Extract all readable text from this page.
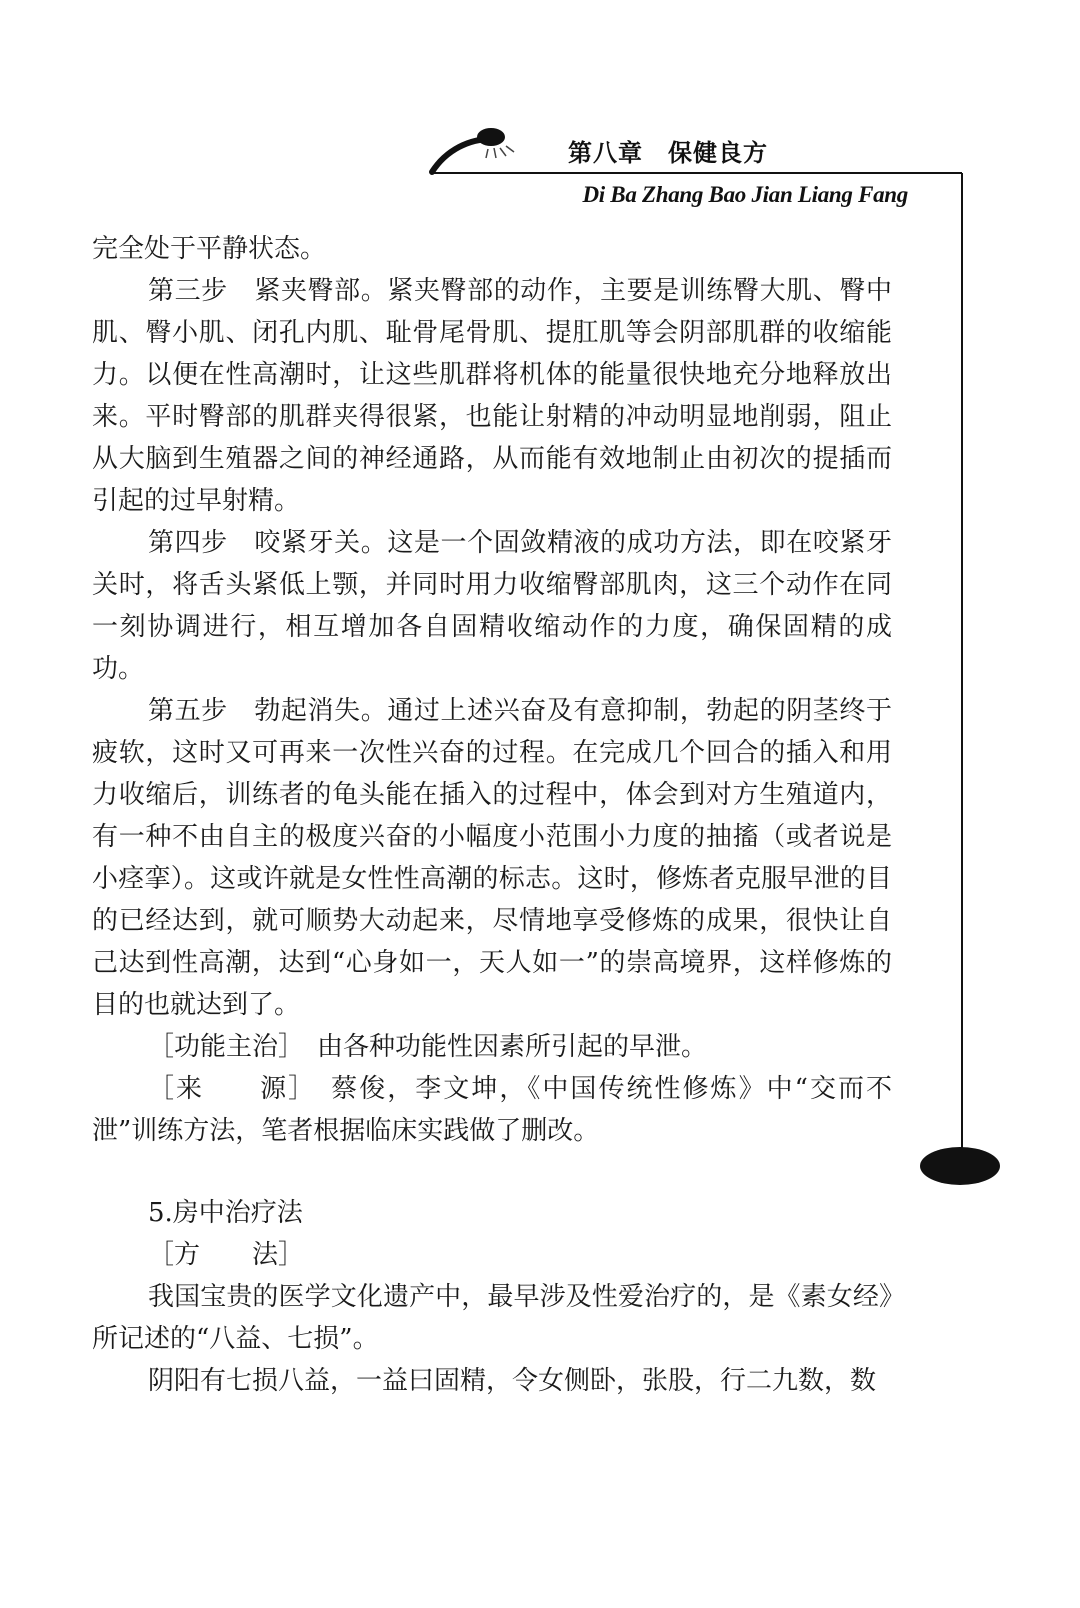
第八章　保健良方
Di Ba Zhang Bao Jian Liang Fang

完全处于平静状态。

第三步　紧夹臀部。紧夹臀部的动作，主要是训练臀大肌、臀中肌、臀小肌、闭孔内肌、耻骨尾骨肌、提肛肌等会阴部肌群的收缩能力。以便在性高潮时，让这些肌群将机体的能量很快地充分地释放出来。平时臀部的肌群夹得很紧，也能让射精的冲动明显地削弱，阻止从大脑到生殖器之间的神经通路，从而能有效地制止由初次的提插而引起的过早射精。

第四步　咬紧牙关。这是一个固敛精液的成功方法，即在咬紧牙关时，将舌头紧低上颚，并同时用力收缩臀部肌肉，这三个动作在同一刻协调进行，相互增加各自固精收缩动作的力度，确保固精的成功。

第五步　勃起消失。通过上述兴奋及有意抑制，勃起的阴茎终于疲软，这时又可再来一次性兴奋的过程。在完成几个回合的插入和用力收缩后，训练者的龟头能在插入的过程中，体会到对方生殖道内，有一种不由自主的极度兴奋的小幅度小范围小力度的抽搐（或者说是小痉挛）。这或许就是女性性高潮的标志。这时，修炼者克服早泄的目的已经达到，就可顺势大动起来，尽情地享受修炼的成果，很快让自己达到性高潮，达到“心身如一，天人如一”的崇高境界，这样修炼的目的也就达到了。

［功能主治］　由各种功能性因素所引起的早泄。

［来　　源］　蔡俊，李文坤，《中国传统性修炼》中“交而不泄”训练方法，笔者根据临床实践做了删改。

5.房中治疗法

［方　　法］

我国宝贵的医学文化遗产中，最早涉及性爱治疗的，是《素女经》所记述的“八益、七损”。

阴阳有七损八益，一益曰固精，令女侧卧，张股，行二九数，数
